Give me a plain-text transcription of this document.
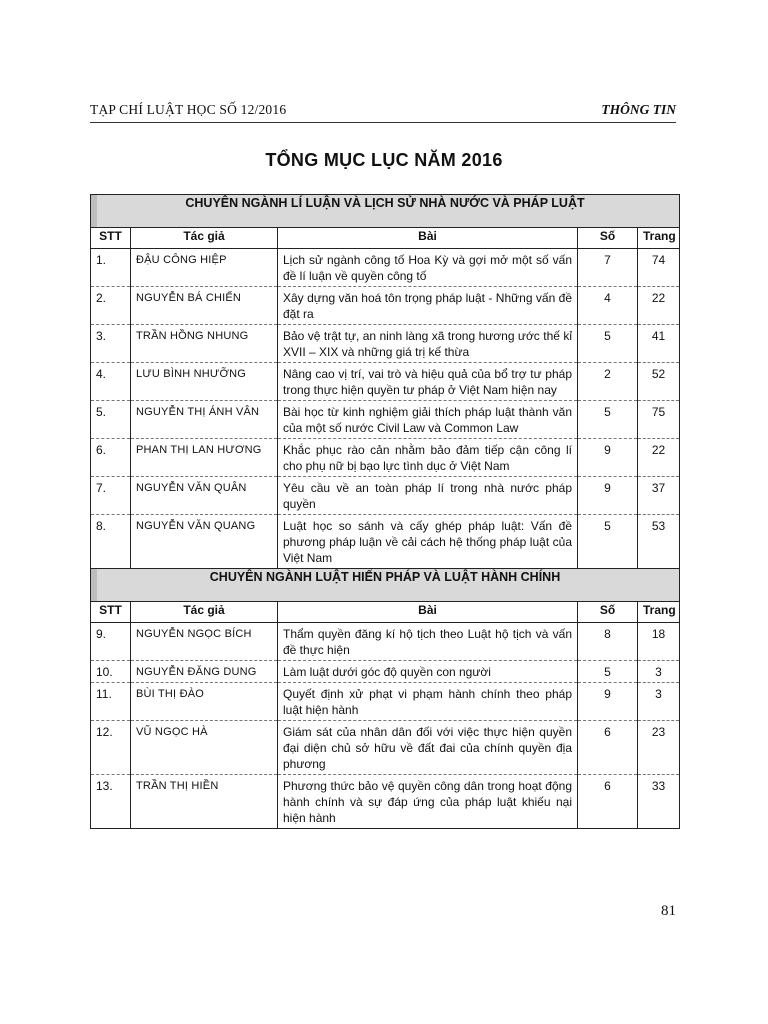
TẠP CHÍ LUẬT HỌC SỐ 12/2016	THÔNG TIN
TỔNG MỤC LỤC NĂM 2016
CHUYÊN NGÀNH LÍ LUẬN VÀ LỊCH SỬ NHÀ NƯỚC VÀ PHÁP LUẬT				
STT	Tác giả	Bài	Số	Trang
1.	ĐẬU CÔNG HIỆP	Lịch sử ngành công tố Hoa Kỳ và gợi mở một số vấn đề lí luận về quyền công tố	7	74
2.	NGUYỄN BÁ CHIẾN	Xây dựng văn hoá tôn trọng pháp luật - Những vấn đề đặt ra	4	22
3.	TRẦN HỒNG NHUNG	Bảo vệ trật tự, an ninh làng xã trong hương ước thế kỉ XVII – XIX và những giá trị kế thừa	5	41
4.	LƯU BÌNH NHƯỠNG	Nâng cao vị trí, vai trò và hiệu quả của bổ trợ tư pháp trong thực hiện quyền tư pháp ở Việt Nam hiện nay	2	52
5.	NGUYỄN THỊ ÁNH VÂN	Bài học từ kinh nghiệm giải thích pháp luật thành văn của một số nước Civil Law và Common Law	5	75
6.	PHAN THỊ LAN HƯƠNG	Khắc phục rào cản nhằm bảo đảm tiếp cận công lí cho phụ nữ bị bạo lực tình dục ở Việt Nam	9	22
7.	NGUYỄN VĂN QUÂN	Yêu cầu về an toàn pháp lí trong nhà nước pháp quyền	9	37
8.	NGUYỄN VĂN QUANG	Luật học so sánh và cấy ghép pháp luật: Vấn đề phương pháp luận về cải cách hệ thống pháp luật của Việt Nam	5	53
CHUYÊN NGÀNH LUẬT HIẾN PHÁP VÀ LUẬT HÀNH CHÍNH				
STT	Tác giả	Bài	Số	Trang
9.	NGUYỄN NGỌC BÍCH	Thẩm quyền đăng kí hộ tịch theo Luật hộ tịch và vấn đề thực hiện	8	18
10.	NGUYỄN ĐĂNG DUNG	Làm luật dưới góc độ quyền con người	5	3
11.	BÙI THỊ ĐÀO	Quyết định xử phạt vi phạm hành chính theo pháp luật hiện hành	9	3
12.	VŨ NGỌC HÀ	Giám sát của nhân dân đối với việc thực hiện quyền đại diện chủ sở hữu về đất đai của chính quyền địa phương	6	23
13.	TRẦN THỊ HIỀN	Phương thức bảo vệ quyền công dân trong hoạt động hành chính và sự đáp ứng của pháp luật khiếu nại hiện hành	6	33
81
